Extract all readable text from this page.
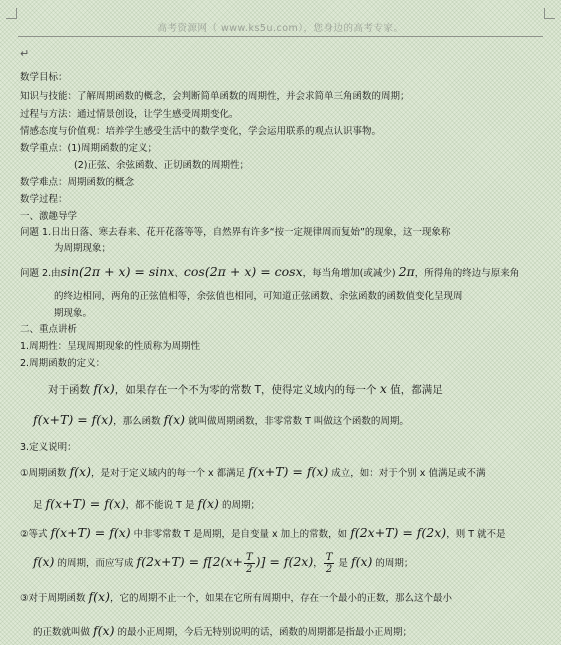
高考资源网（ www.ks5u.com），您身边的高考专家。
↵
数学目标：
知识与技能：了解周期函数的概念，会判断简单函数的周期性，并会求简单三角函数的周期；
过程与方法：通过情景创设，让学生感受周期变化。
情感态度与价值观：培养学生感受生活中的数学变化，学会运用联系的观点认识事物。
数学重点：(1)周期函数的定义；
(2)正弦、余弦函数、正切函数的周期性；
数学难点：周期函数的概念
数学过程：
一、激趣导学
问题 1.日出日落、寒去春来、花开花落等等，自然界有许多“按一定规律周而复始”的现象，这一现象称
为周期现象；
问题 2.由sin(2π + x) = sinx、cos(2π + x) = cosx，每当角增加(或减少) 2π，所得角的终边与原来角
的终边相同，两角的正弦值相等，余弦值也相同，可知道正弦函数、余弦函数的函数值变化呈现周
期现象。
二、重点讲析
1.周期性：呈现周期现象的性质称为周期性
2.周期函数的定义：
对于函数 f(x)，如果存在一个不为零的常数 T，使得定义域内的每一个 x 值，都满足
f(x+T) = f(x)，那么函数 f(x) 就叫做周期函数，非零常数 T 叫做这个函数的周期。
3.定义说明：
①周期函数 f(x)，是对于定义域内的每一个 x 都满足 f(x+T) = f(x) 成立，如：对于个别 x 值满足或不满
足 f(x+T) = f(x)，都不能说 T 是 f(x) 的周期；
②等式 f(x+T) = f(x) 中非零常数 T 是周期，是自变量 x 加上的常数，如 f(2x+T) = f(2x)，则 T 就不是
f(x) 的周期，而应写成 $f(2x+T) = f[2(x+ \frac{T}{2}$ )] = f(2x)， $\frac{T}{2}$ 是 f(x) 的周期；
③对于周期函数 f(x)，它的周期不止一个，如果在它所有周期中，存在一个最小的正数，那么这个最小
的正数就叫做 f(x) 的最小正周期，今后无特别说明的话，函数的周期都是指最小正周期；
